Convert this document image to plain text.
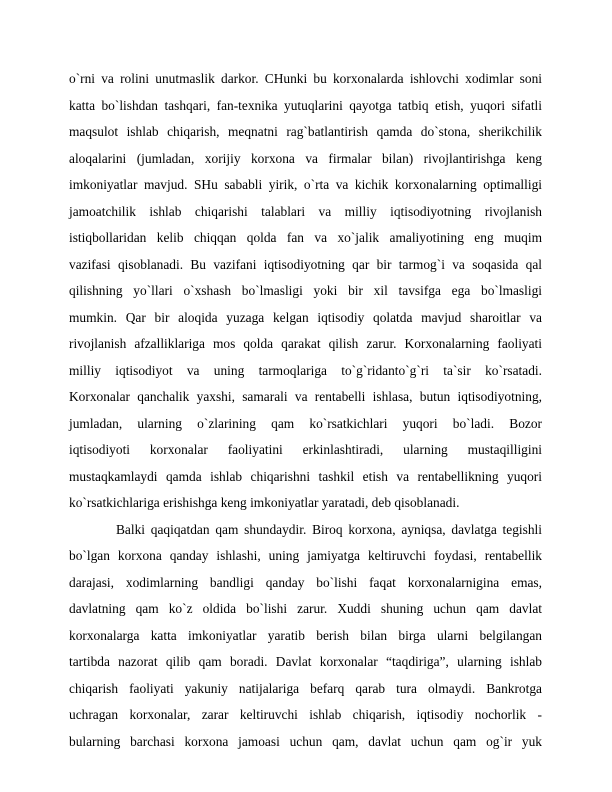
o`rni va rolini unutmaslik darkor. CHunki bu korxonalarda ishlovchi xodimlar soni
katta bo`lishdan tashqari, fan-texnika yutuqlarini qayotga tatbiq etish, yuqori sifatli
maqsulot ishlab chiqarish, meqnatni rag`batlantirish qamda do`stona, sherikchilik
aloqalarini (jumladan, xorijiy korxona va firmalar bilan) rivojlantirishga keng
imkoniyatlar mavjud. SHu sababli yirik, o`rta va kichik korxonalarning optimalligi
jamoatchilik ishlab chiqarishi talablari va milliy iqtisodiyotning rivojlanish
istiqbollaridan kelib chiqqan qolda fan va xo`jalik amaliyotining eng muqim
vazifasi qisoblanadi. Bu vazifani iqtisodiyotning qar bir tarmog`i va soqasida qal
qilishning yo`llari o`xshash bo`lmasligi yoki bir xil tavsifga ega bo`lmasligi
mumkin. Qar bir aloqida yuzaga kelgan iqtisodiy qolatda mavjud sharoitlar va
rivojlanish afzalliklariga mos qolda qarakat qilish zarur. Korxonalarning faoliyati
milliy iqtisodiyot va uning tarmoqlariga to`g`ridanto`g`ri ta`sir ko`rsatadi.
Korxonalar qanchalik yaxshi, samarali va rentabelli ishlasa, butun iqtisodiyotning,
jumladan, ularning o`zlarining qam ko`rsatkichlari yuqori bo`ladi. Bozor
iqtisodiyoti korxonalar faoliyatini erkinlashtiradi, ularning mustaqilligini
mustaqkamlaydi qamda ishlab chiqarishni tashkil etish va rentabellikning yuqori
ko`rsatkichlariga erishishga keng imkoniyatlar yaratadi, deb qisoblanadi.
Balki qaqiqatdan qam shundaydir. Biroq korxona, ayniqsa, davlatga tegishli
bo`lgan korxona qanday ishlashi, uning jamiyatga keltiruvchi foydasi, rentabellik
darajasi, xodimlarning bandligi qanday bo`lishi faqat korxonalarnigina emas,
davlatning qam ko`z oldida bo`lishi zarur. Xuddi shuning uchun qam davlat
korxonalarga katta imkoniyatlar yaratib berish bilan birga ularni belgilangan
tartibda nazorat qilib qam boradi. Davlat korxonalar “taqdiriga”, ularning ishlab
chiqarish faoliyati yakuniy natijalariga befarq qarab tura olmaydi. Bankrotga
uchragan korxonalar, zarar keltiruvchi ishlab chiqarish, iqtisodiy nochorlik -
bularning barchasi korxona jamoasi uchun qam, davlat uchun qam og`ir yuk
